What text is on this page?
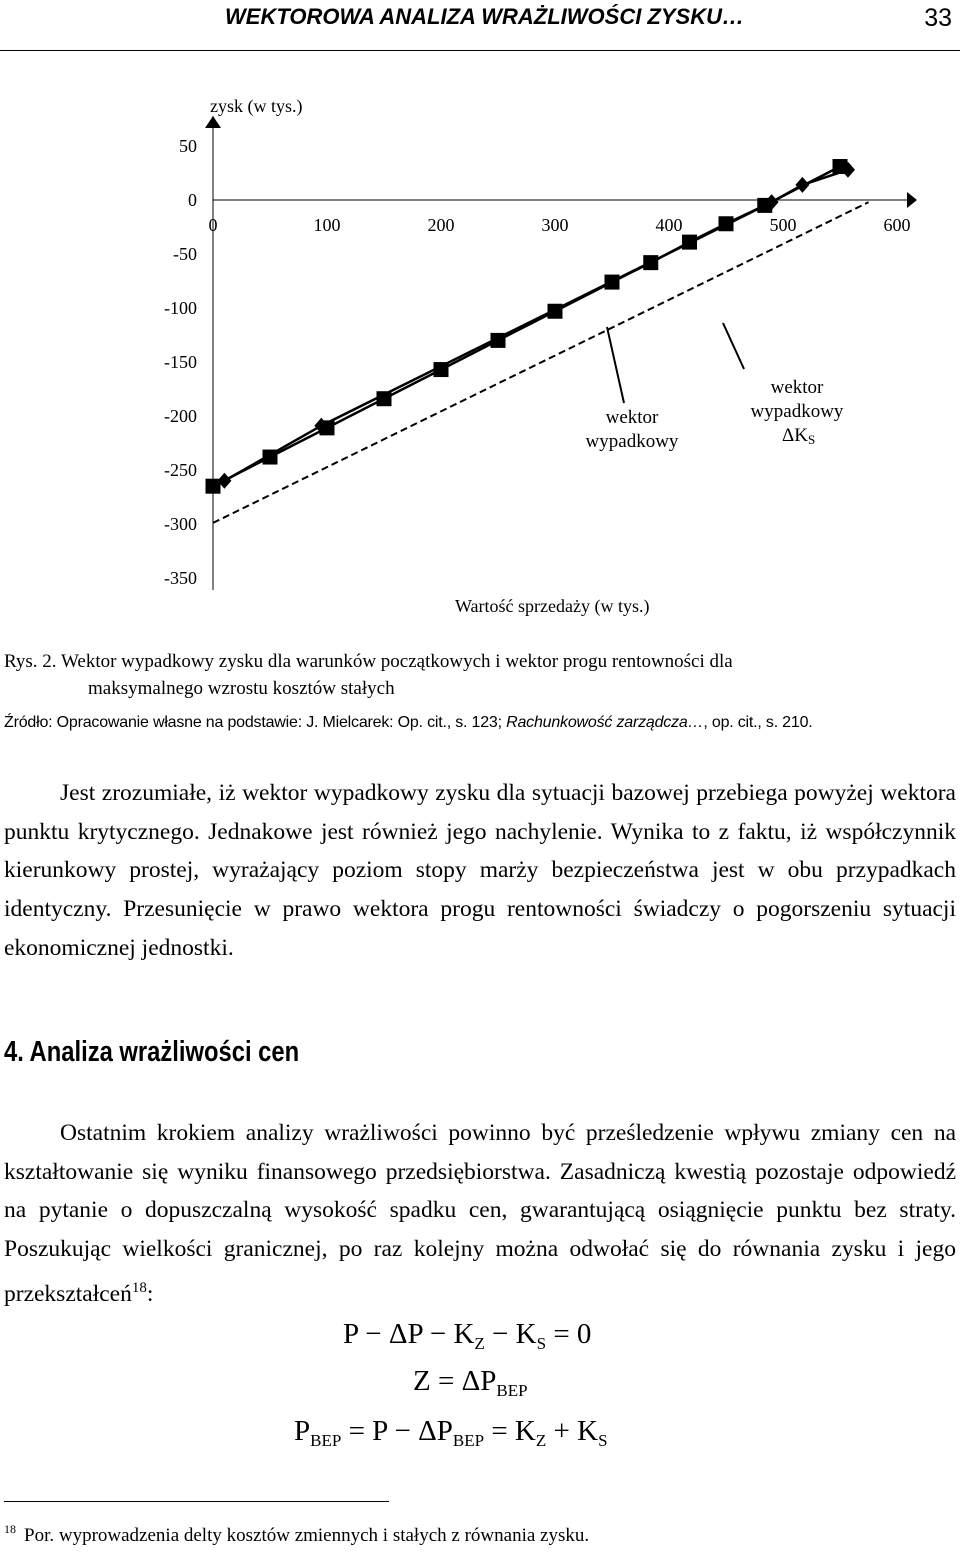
WEKTOROWA ANALIZA WRAŻLIWOŚCI ZYSKU…	33
50
0
-50
-100
-150
-200
-250
-300
-350
0	100	200	300	400	500	600
zysk (w tys.)
Wartość sprzedaży (w tys.)
wektor
wypadkowy
wektor
wypadkowy
ΔKS
Rys. 2. Wektor wypadkowy zysku dla warunków początkowych i wektor progu rentowności dla
maksymalnego wzrostu kosztów stałych
Źródło: Opracowanie własne na podstawie: J. Mielcarek: Op. cit., s. 123; Rachunkowość zarządcza…, op. cit., s. 210.

Jest zrozumiałe, iż wektor wypadkowy zysku dla sytuacji bazowej przebiega powyżej wektora punktu krytycznego. Jednakowe jest również jego nachylenie. Wynika to z faktu, iż współczynnik kierunkowy prostej, wyrażający poziom stopy marży bezpieczeństwa jest w obu przypadkach identyczny. Przesunięcie w prawo wektora progu rentowności świadczy o pogorszeniu sytuacji ekonomicznej jednostki.

4. Analiza wrażliwości cen

Ostatnim krokiem analizy wrażliwości powinno być prześledzenie wpływu zmiany cen na kształtowanie się wyniku finansowego przedsiębiorstwa. Zasadniczą kwestią pozostaje odpowiedź na pytanie o dopuszczalną wysokość spadku cen, gwarantującą osiągnięcie punktu bez straty. Poszukując wielkości granicznej, po raz kolejny można odwołać się do równania zysku i jego przekształceń$^{18}$:

$P - \Delta P - K_Z - K_S = 0$
$Z = \Delta P_{BEP}$
$P_{BEP} = P - \Delta P_{BEP} = K_Z + K_S$
$^{18}$ Por. wyprowadzenia delty kosztów zmiennych i stałych z równania zysku.
